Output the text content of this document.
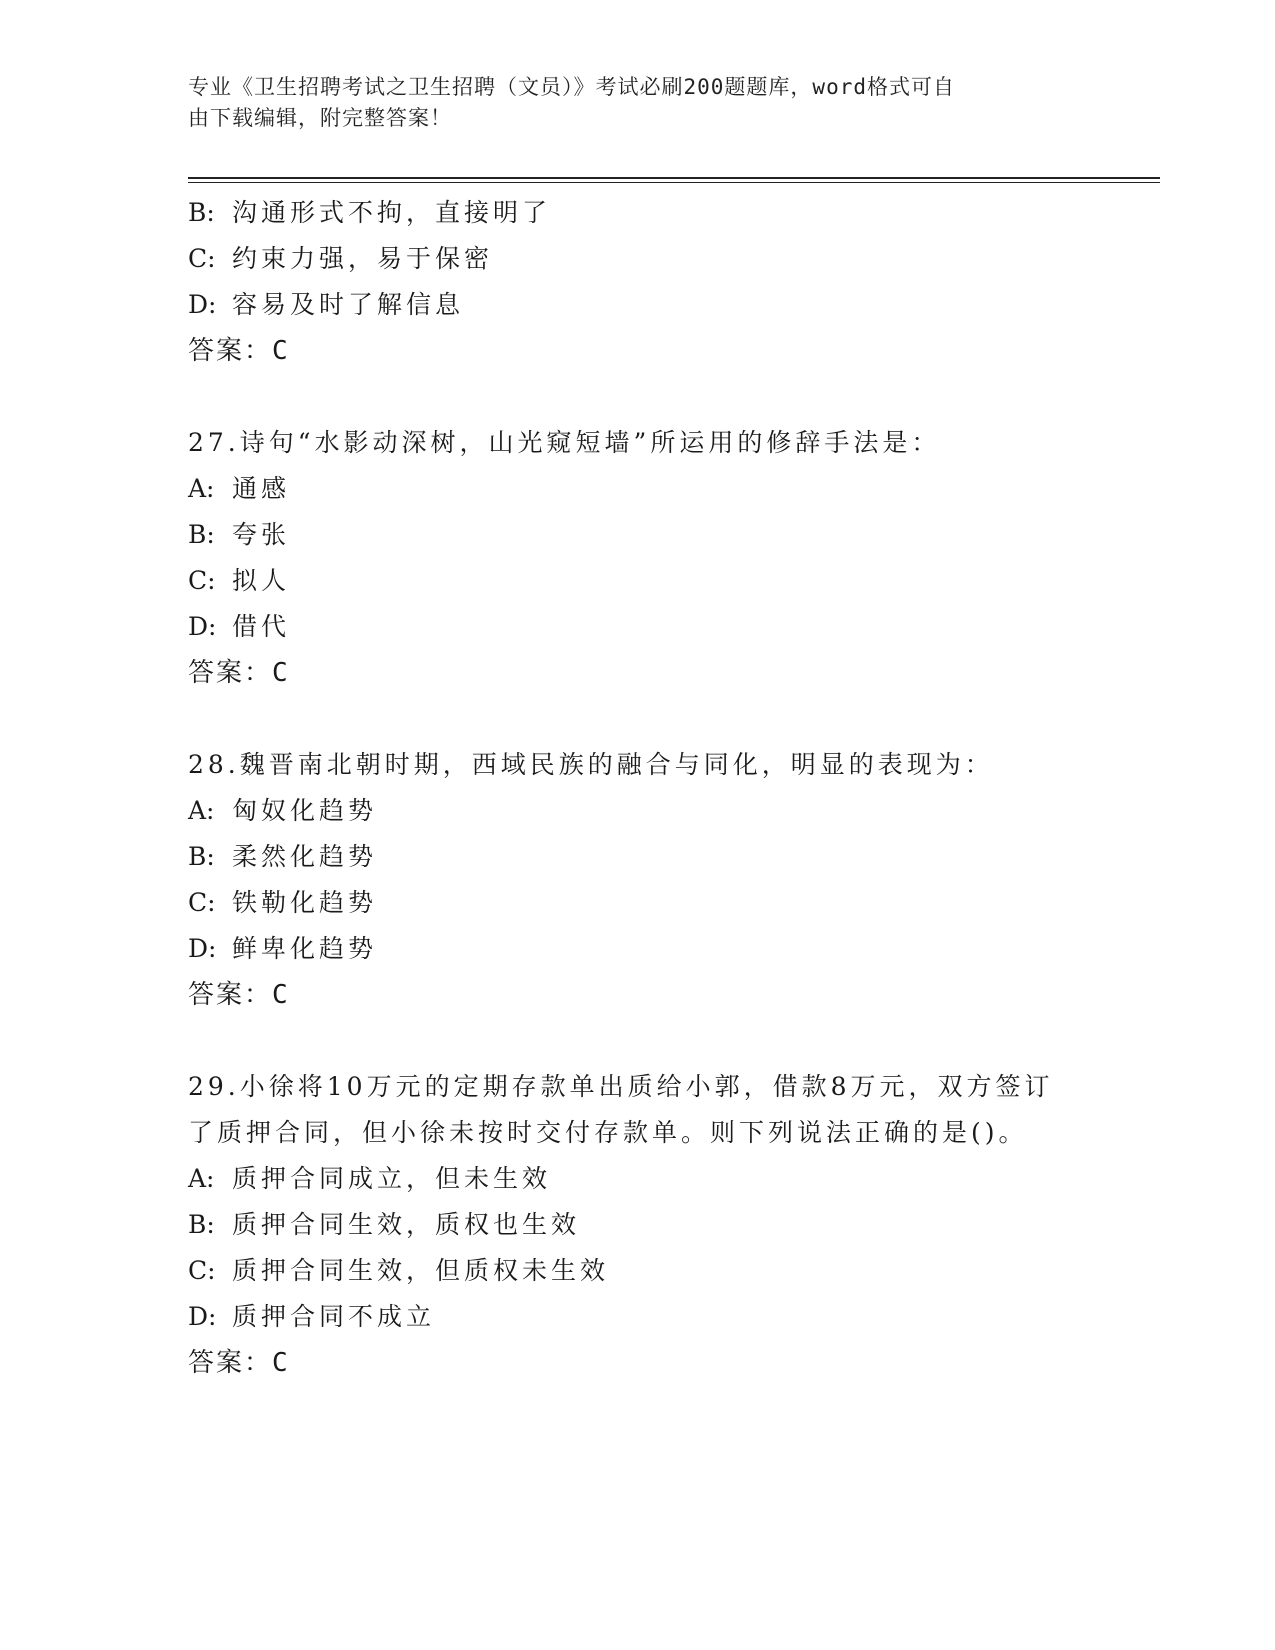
专业《卫生招聘考试之卫生招聘（文员）》考试必刷200题题库，word格式可自
由下载编辑，附完整答案！
B: 沟通形式不拘，直接明了
C: 约束力强，易于保密
D: 容易及时了解信息
答案：C
27.诗句“水影动深树，山光窥短墙”所运用的修辞手法是：
A: 通感
B: 夸张
C: 拟人
D: 借代
答案：C
28.魏晋南北朝时期，西域民族的融合与同化，明显的表现为：
A: 匈奴化趋势
B: 柔然化趋势
C: 铁勒化趋势
D: 鲜卑化趋势
答案：C
29.小徐将10万元的定期存款单出质给小郭，借款8万元，双方签订
了质押合同，但小徐未按时交付存款单。则下列说法正确的是()。
A: 质押合同成立，但未生效
B: 质押合同生效，质权也生效
C: 质押合同生效，但质权未生效
D: 质押合同不成立
答案：C
